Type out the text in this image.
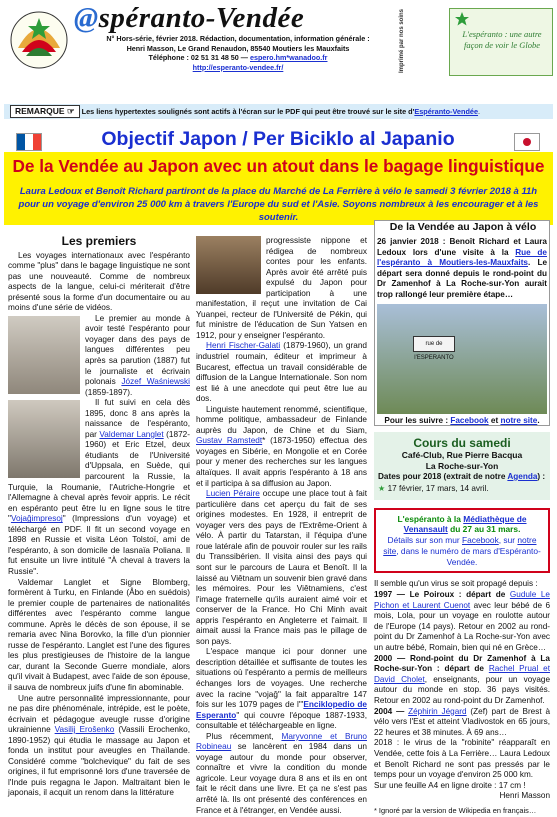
@spéranto-Vendée
N° Hors-série, février 2018. Rédaction, documentation, information générale :
Henri Masson, Le Grand Renaudon, 85540 Moutiers les Mauxfaits
Téléphone : 02 51 31 48 50 — espero.hm*wanadoo.fr
http://esperanto-vendee.fr/	Imprimé par nos soins	L'espéranto : une autre façon de voir le Globe
REMARQUE ☞ Les liens hypertextes soulignés sont actifs à l'écran sur le PDF qui peut être trouvé sur le site d'Espéranto-Vendée.
Objectif Japon / Per Biciklo al Japanio
De la Vendée au Japon avec un atout dans le bagage linguistique
Laura Ledoux et Benoît Richard partiront de la place du Marché de La Ferrière à vélo le samedi 3 février 2018 à 11h pour un voyage d'environ 25 000 km à travers l'Europe du sud et l'Asie. Soyons nombreux à les encourager et à les soutenir.
Les premiers

Les voyages internationaux avec l'espéranto comme "plus" dans le bagage linguistique ne sont pas une nouveauté. Comme de nombreux aspects de la langue, celui-ci mériterait d'être présenté sous la forme d'un documentaire ou au moins d'une série de vidéos.

Le premier au monde à avoir testé l'espéranto pour voyager dans des pays de langues différentes peu après sa parution (1887) fut le journaliste et écrivain polonais Józef Waśniewski (1859-1897).

Il fut suivi en cela dès 1895, donc 8 ans après la naissance de l'espéranto, par Valdemar Langlet (1872-1960) et Eric Etzel, deux étudiants de l'Université d'Uppsala, en Suède, qui parcourent la Russie, la Turquie, la Roumanie, l'Autriche-Hongrie et l'Allemagne à cheval après fevoir appris. Le récit en espéranto peut être lu en ligne sous le titre "Vojaĝimpresoj" (Impressions d'un voyage) et téléchargé en PDF. Il fit un second voyage en 1898 en Russie et visita Léon Tolstoï, ami de l'espéranto, à son domicile de Iasnaïa Poliana. Il fut ensuite un livre intitulé "À cheval à travers la Russie".

Valdemar Langlet et Signe Blomberg, formèrent à Turku, en Finlande (Åbo en suédois) le premier couple de partenaires de nationalités différentes avec l'espéranto comme langue commune. Après le décès de son épouse, il se remaria avec Nina Borovko, la fille d'un pionnier russe de l'espéranto. Langlet est l'une des figures les plus prestigieuses de l'histoire de la langue car, durant la Seconde Guerre mondiale, alors qu'il vivait à Budapest, avec l'aide de son épouse, il sauva de nombreux juifs d'une fin abominable.

Une autre personnalité impressionnante, pour ne pas dire phénoménale, intrépide, est le poète, écrivain et pédagogue aveugle russe d'origine ukrainienne Vasilij Eroŝenko (Vassili Erochenko, 1890-1952) qui étudia le massage au Japon et fonda un institut pour aveugles en Thaïlande. Considéré comme "bolchevique" du fait de ses origines, il fut emprisonné lors d'une traversée de l'Inde puis regagna le Japon. Maltraitant bien le japonais, il acquit un renom dans la littérature

progressiste nippone et rédigea de nombreux contes pour les enfants. Après avoir été arrêté puis expulsé du Japon pour participation à une manifestation, il reçut une invitation de Cai Yuanpei, recteur de l'Université de Pékin, qui fut ministre de l'éducation de Sun Yatsen en 1912, pour y enseigner l'espéranto.

Henri Fischer-Galati (1879-1960), un grand industriel roumain, éditeur et imprimeur à Bucarest, effectua un travail considérable de diffusion de la Langue Internationale. Son nom est lié à une anecdote qui peut être lue au dos.

Linguiste hautement renommé, scientifique, homme politique, ambassadeur de Finlande auprès du Japon, de Chine et du Siam, Gustav Ramstedt* (1873-1950) effectua des voyages en Sibérie, en Mongolie et en Corée pour y mener des recherches sur les langues altaïques. Il avait appris l'espéranto à 18 ans et il participa à sa diffusion au Japon.

Lucien Péraire occupe une place tout à fait particulière dans cet aperçu du fait de ses origines modestes. En 1928, il entreprit de voyager vers des pays de l'Extrême-Orient à vélo. À partir du Tatarstan, il l'équipa d'une roue latérale afin de pouvoir rouler sur les rails du Transsibérien. Il visita ainsi des pays qui sont sur le parcours de Laura et Benoît. Il la laissé au Viêtnam un souvenir bien gravé dans les mémoires. Pour les Viêtnamiens, c'est l'image fraternelle qu'ils auraient aimé voir et conserver de la France. Ho Chi Minh avait appris l'espéranto en Angleterre et l'aimait. Il aimait aussi la France mais pas le pillage de son pays.

L'espace manque ici pour donner une description détaillée et suffisante de toutes les situations où l'espéranto a permis de meilleurs échanges lors de voyages. Une recherche avec la racine "vojaĝ" la fait apparaître 147 fois sur les 1079 pages de l'"Enciklopedio de Esperanto" qui couvre l'époque 1887-1933, consultable et téléchargeable en ligne.

Plus récemment, Maryvonne et Bruno Robineau se lancèrent en 1984 dans un voyage autour du monde pour observer, connaître et vivre la condition du monde agricole. Leur voyage dura 8 ans et ils en ont fait le récit dans une livre. Et ça ne s'est pas arrêté là. Ils ont présenté des conférences en France et à l'étranger, en Vendée aussi.

De la Vendée au Japon à vélo
26 janvier 2018 : Benoît Richard et Laura Ledoux lors d'une visite à la Rue de l'espéranto à Moutiers-les-Mauxfaits. Le départ sera donné depuis le rond-point du Dr Zamenhof à La Roche-sur-Yon aurait trop rallongé leur première étape…
rue de l'ESPERANTO
Pour les suivre : Facebook et notre site.
Cours du samedi
Café-Club, Rue Pierre Bacqua
La Roche-sur-Yon
Dates pour 2018 (extrait de notre Agenda) :
★ 17 février, 17 mars, 14 avril.
L'espéranto à la Médiathèque de Venansault du 27 au 31 mars.
Détails sur son mur Facebook, sur notre site, dans le numéro de mars d'Espéranto-Vendée.

Il semble qu'un virus se soit propagé depuis :

1997 — Le Poiroux : départ de Gudule Le Pichon et Laurent Cuenot avec leur bébé de 6 mois, Lola, pour un voyage en roulotte autour de l'Europe (14 pays). Retour en 2002 au rond-point du Dr Zamenhof à La Roche-sur-Yon avec un autre bébé, Romain, bien qui né en Grèce…

2000 — Rond-point du Dr Zamenhof à La Roche-sur-Yon : départ de Rachel Prual et David Cholet, enseignants, pour un voyage autour du monde en stop. 36 pays visités. Retour en 2002 au rond-point du Dr Zamenhof.

2004 — Zéphirin Jégard (Zef) part de Brest à vélo vers l'Est et atteint Vladivostok en 65 jours, 22 heures et 38 minutes. À 69 ans…

2018 : le virus de la "robinite" réapparaît en Vendée, cette fois à La Ferrière… Laura Ledoux et Benoît Richard ne sont pas pressés par le temps pour un voyage d'environ 25 000 km.

Sur une feuille A4 en ligne droite : 17 cm !

Henri Masson
* Ignoré par la version de Wikipedia en français…
